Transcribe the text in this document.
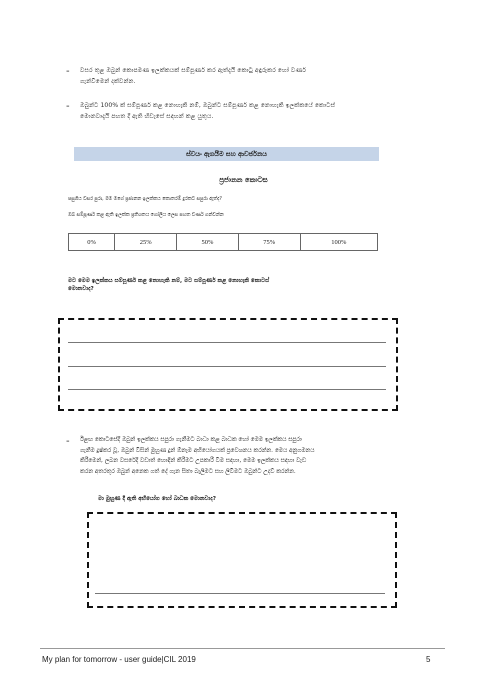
- වසර තුළ ඔබුන් කොපමණ ඉලක්කයක් සම්පූර්ණ කර ඇත්දැයි කොටු අඳුරුකර හෝ වර්ණ
ගැන්වීමෙන් දක්වන්න.
- ඔබුන්ට 100% ක් සම්පූර්ණ කළ නොහැකි නම්, ඔබුන්ට සම්පූර්ණ කළ නොහැකි ඉලක්කයේ කොටස්
මොනවාදැයි පහත දී ඇති හිඩැසේ සඳහන් කළ යුතුය.
ස්වයං ඇගයීම සහ ආවර්ජනය
ප්‍රජානන කොටස
පසුගිය වසර පුරා, මම මගේ ප්‍රජානන ඉලක්කය කොතරම් දුරකට සපුරා ඇත්ද?
ඔබ සම්පූර්ණ කළ ඇති ඉලක්ක ප්‍රතිශතය ගෝලීය ලෙස පහත වර්ණ ගන්වන්න
0%	25%	50%	75%	100%
මට මෙම ඉලක්කය සම්පූර්ණ කළ නොහැකි නම්, මට සම්පූර්ණ කළ නොහැකි කොටස්
මොනවාද?
- ඊළඟ කොටසේදී ඔබුන් ඉලක්කය සපුරා ගැනීමට බාධා කළ බාධක හෝ මෙම ඉලක්කය සපුරා
ගැනීම දුෂ්කර වූ, ඔබුන් විසින් මුහුණ දුන් ඕනෑම අභියෝගයක් ප්‍රවෙශනය කරන්න. මෙය අනුගමනය
කිරීමෙන්, ලබන වසරේදී වඩාත් හොඳින් කිරීමට උපකාරී වීම සඳහා, මෙම ඉලක්කය සඳහා වැඩ
කරන අතරතුර ඔබුන් අනෙක ගත් දේ ගැන සිතා බැලීමට සහ ලිවීමට ඔබුන්ට උදව් කරන්න.
මා මුහුණ දී ඇති අභියෝග හෝ බාධක මොනවාද?
My plan for tomorrow - user guide|CIL 2019	5
